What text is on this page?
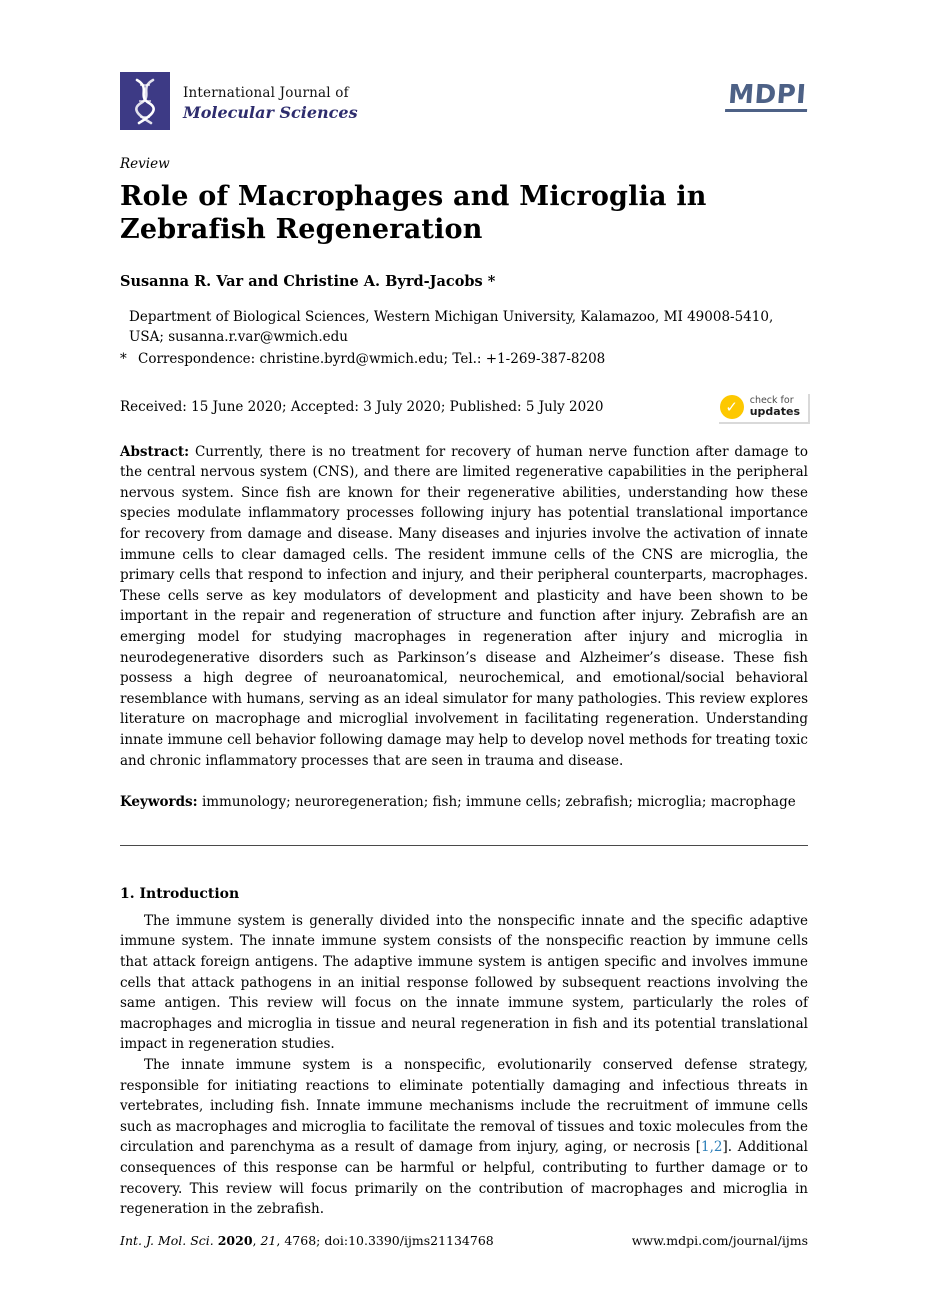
International Journal of
Molecular Sciences
MDPI
Review
Role of Macrophages and Microglia in Zebrafish Regeneration
Susanna R. Var and Christine A. Byrd-Jacobs *
Department of Biological Sciences, Western Michigan University, Kalamazoo, MI 49008-5410, USA; susanna.r.var@wmich.edu
* Correspondence: christine.byrd@wmich.edu; Tel.: +1-269-387-8208
Received: 15 June 2020; Accepted: 3 July 2020; Published: 5 July 2020	✓	check for
updates

Abstract: Currently, there is no treatment for recovery of human nerve function after damage to the central nervous system (CNS), and there are limited regenerative capabilities in the peripheral nervous system. Since fish are known for their regenerative abilities, understanding how these species modulate inflammatory processes following injury has potential translational importance for recovery from damage and disease. Many diseases and injuries involve the activation of innate immune cells to clear damaged cells. The resident immune cells of the CNS are microglia, the primary cells that respond to infection and injury, and their peripheral counterparts, macrophages. These cells serve as key modulators of development and plasticity and have been shown to be important in the repair and regeneration of structure and function after injury. Zebrafish are an emerging model for studying macrophages in regeneration after injury and microglia in neurodegenerative disorders such as Parkinson’s disease and Alzheimer’s disease. These fish possess a high degree of neuroanatomical, neurochemical, and emotional/social behavioral resemblance with humans, serving as an ideal simulator for many pathologies. This review explores literature on macrophage and microglial involvement in facilitating regeneration. Understanding innate immune cell behavior following damage may help to develop novel methods for treating toxic and chronic inflammatory processes that are seen in trauma and disease.

Keywords: immunology; neuroregeneration; fish; immune cells; zebrafish; microglia; macrophage

1. Introduction

The immune system is generally divided into the nonspecific innate and the specific adaptive immune system. The innate immune system consists of the nonspecific reaction by immune cells that attack foreign antigens. The adaptive immune system is antigen specific and involves immune cells that attack pathogens in an initial response followed by subsequent reactions involving the same antigen. This review will focus on the innate immune system, particularly the roles of macrophages and microglia in tissue and neural regeneration in fish and its potential translational impact in regeneration studies.

The innate immune system is a nonspecific, evolutionarily conserved defense strategy, responsible for initiating reactions to eliminate potentially damaging and infectious threats in vertebrates, including fish. Innate immune mechanisms include the recruitment of immune cells such as macrophages and microglia to facilitate the removal of tissues and toxic molecules from the circulation and parenchyma as a result of damage from injury, aging, or necrosis [1,2]. Additional consequences of this response can be harmful or helpful, contributing to further damage or to recovery. This review will focus primarily on the contribution of macrophages and microglia in regeneration in the zebrafish.

Int. J. Mol. Sci. 2020, 21, 4768; doi:10.3390/ijms21134768	www.mdpi.com/journal/ijms
